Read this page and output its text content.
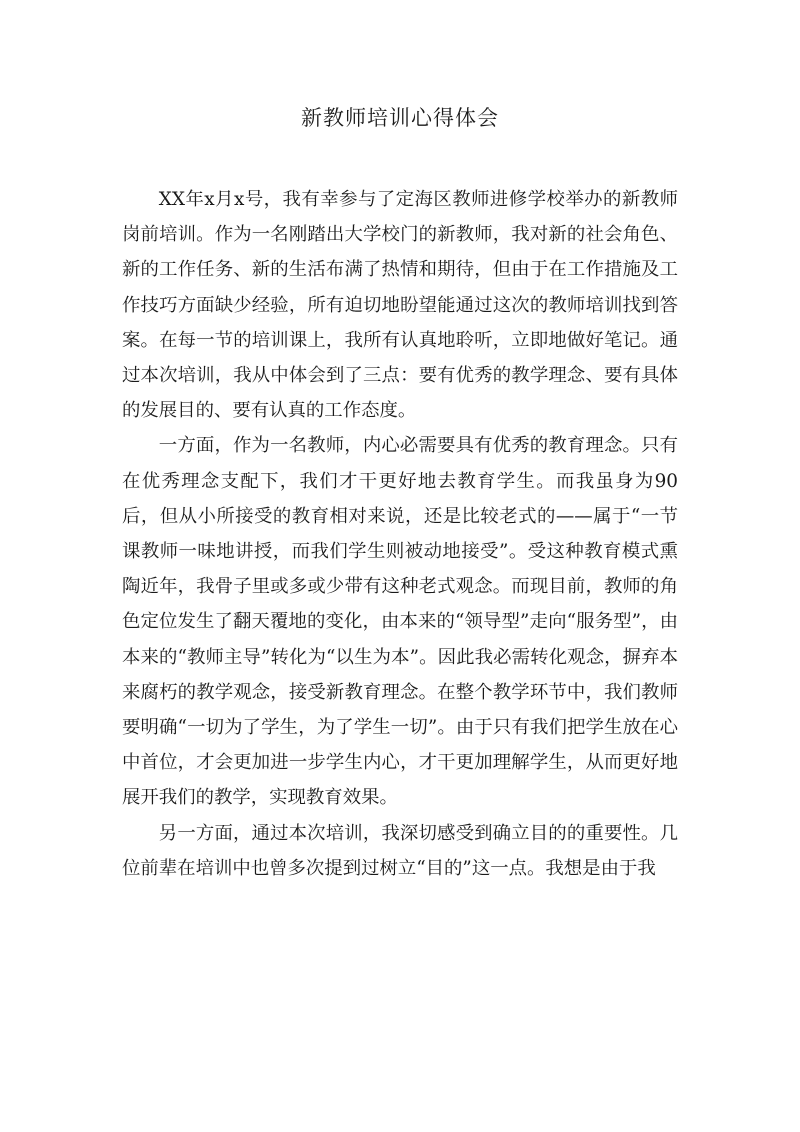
新教师培训心得体会

XX年x月x号，我有幸参与了定海区教师进修学校举办的新教师岗前培训。作为一名刚踏出大学校门的新教师，我对新的社会角色、新的工作任务、新的生活布满了热情和期待，但由于在工作措施及工作技巧方面缺少经验，所有迫切地盼望能通过这次的教师培训找到答案。在每一节的培训课上，我所有认真地聆听，立即地做好笔记。通过本次培训，我从中体会到了三点：要有优秀的教学理念、要有具体的发展目的、要有认真的工作态度。

一方面，作为一名教师，内心必需要具有优秀的教育理念。只有在优秀理念支配下，我们才干更好地去教育学生。而我虽身为90后，但从小所接受的教育相对来说，还是比较老式的——属于“一节课教师一味地讲授，而我们学生则被动地接受”。受这种教育模式熏陶近年，我骨子里或多或少带有这种老式观念。而现目前，教师的角色定位发生了翻天覆地的变化，由本来的“领导型”走向“服务型”，由本来的“教师主导”转化为“以生为本”。因此我必需转化观念，摒弃本来腐朽的教学观念，接受新教育理念。在整个教学环节中，我们教师要明确“一切为了学生，为了学生一切”。由于只有我们把学生放在心中首位，才会更加进一步学生内心，才干更加理解学生，从而更好地展开我们的教学，实现教育效果。

另一方面，通过本次培训，我深切感受到确立目的的重要性。几位前辈在培训中也曾多次提到过树立“目的”这一点。我想是由于我
